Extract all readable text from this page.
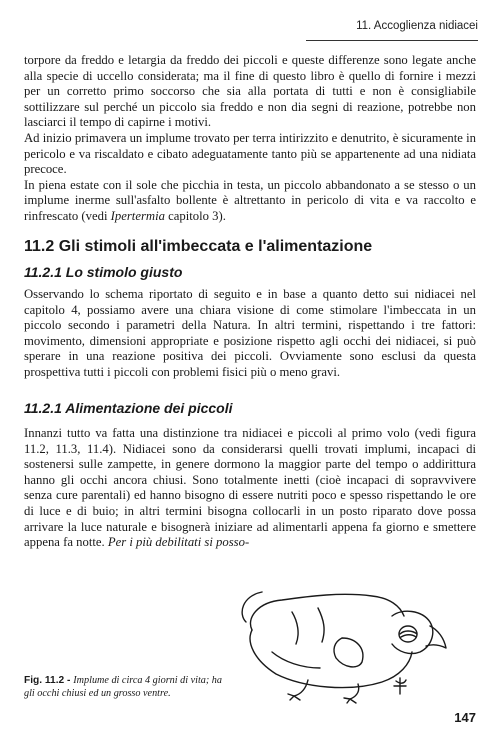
11. Accoglienza nidiacei

torpore da freddo e letargia da freddo dei piccoli e queste differenze sono legate anche alla specie di uccello considerata; ma il fine di questo libro è quello di fornire i mezzi per un corretto primo soccorso che sia alla portata di tutti e non è consigliabile sottilizzare sul perché un piccolo sia freddo e non dia segni di reazione, potrebbe non lasciarci il tempo di capirne i motivi.

Ad inizio primavera un implume trovato per terra intirizzito e denutrito, è sicuramente in pericolo e va riscaldato e cibato adeguatamente tanto più se appartenente ad una nidiata precoce.

In piena estate con il sole che picchia in testa, un piccolo abbandonato a se stesso o un implume inerme sull'asfalto bollente è altrettanto in pericolo di vita e va raccolto e rinfrescato (vedi Ipertermia capitolo 3).

11.2 Gli stimoli all'imbeccata e l'alimentazione
11.2.1 Lo stimolo giusto

Osservando lo schema riportato di seguito e in base a quanto detto sui nidiacei nel capitolo 4, possiamo avere una chiara visione di come stimolare l'imbeccata in un piccolo secondo i parametri della Natura. In altri termini, rispettando i tre fattori: movimento, dimensioni appropriate e posizione rispetto agli occhi dei nidiacei, si può sperare in una reazione positiva dei piccoli. Ovviamente sono esclusi da questa prospettiva tutti i piccoli con problemi fisici più o meno gravi.

11.2.1 Alimentazione dei piccoli

Innanzi tutto va fatta una distinzione tra nidiacei e piccoli al primo volo (vedi figura 11.2, 11.3, 11.4). Nidiacei sono da considerarsi quelli trovati implumi, incapaci di sostenersi sulle zampette, in genere dormono la maggior parte del tempo o addirittura hanno gli occhi ancora chiusi. Sono totalmente inetti (cioè incapaci di sopravvivere senza cure parentali) ed hanno bisogno di essere nutriti poco e spesso rispettando le ore di luce e di buio; in altri termini bisogna collocarli in un posto riparato dove possa arrivare la luce naturale e bisognerà iniziare ad alimentarli appena fa giorno e smettere appena fa notte. Per i più debilitati si posso-

Fig. 11.2 - Implume di circa 4 giorni di vita; ha gli occhi chiusi ed un grosso ventre.
147
